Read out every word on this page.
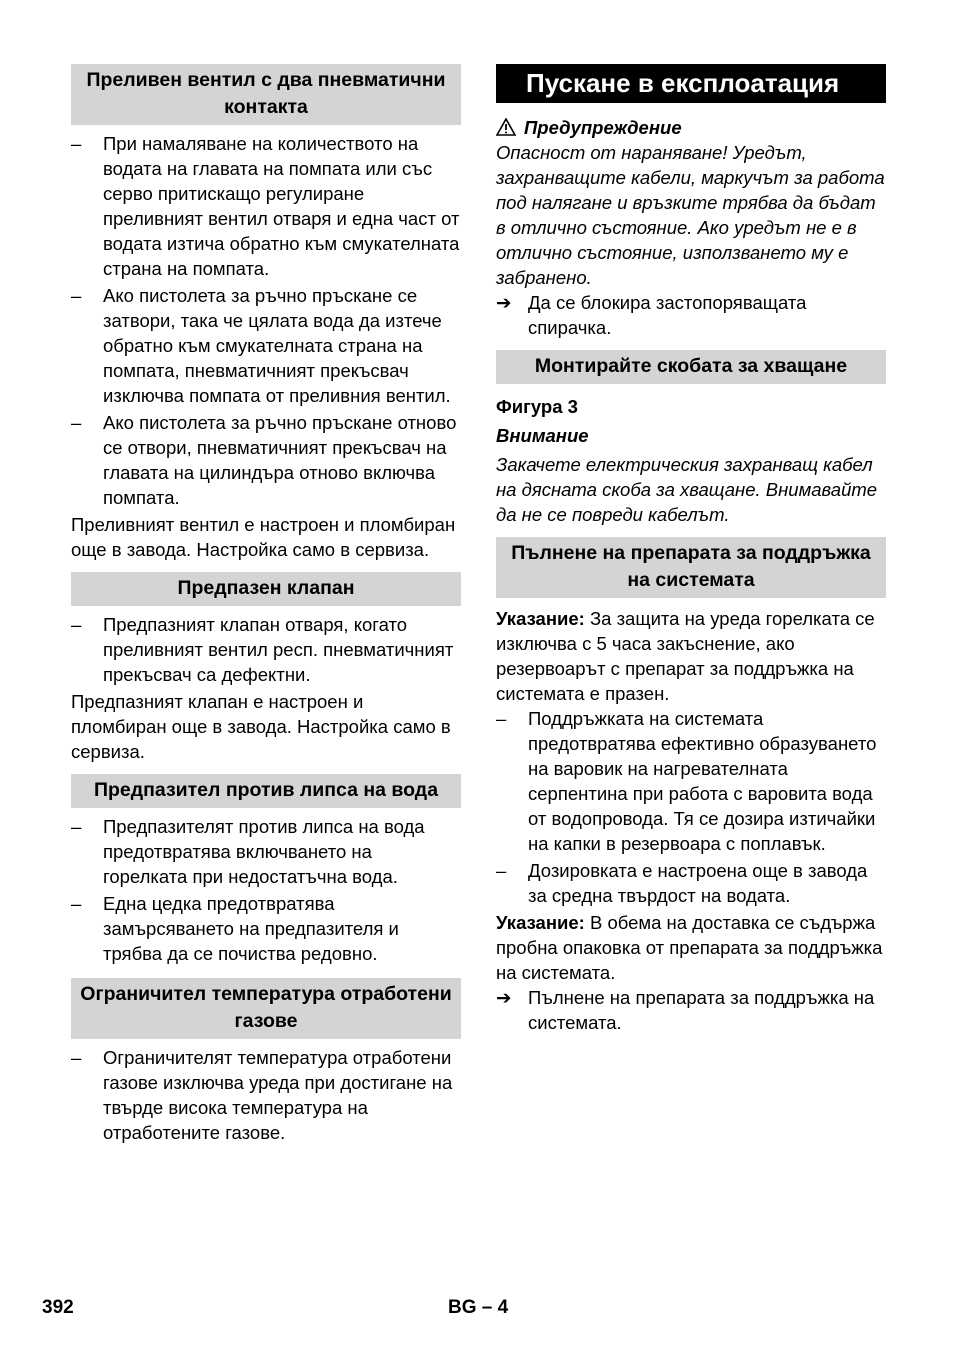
Преливен вентил с два пневматични контакта
– При намаляване на количеството на водата на главата на помпата или със серво притискащо регулиране преливният вентил отваря и една част от водата изтича обратно към смукателната страна на помпата.
– Ако пистолета за ръчно пръскане се затвори, така че цялата вода да изтече обратно към смукателната страна на помпата, пневматичният прекъсвач изключва помпата от преливния вентил.
– Ако пистолета за ръчно пръскане отново се отвори, пневматичният прекъсвач на главата на цилиндъра отново включва помпата.

Преливният вентил е настроен и пломбиран още в завода. Настройка само в сервиза.

Предпазен клапан
– Предпазният клапан отваря, когато преливният вентил респ. пневматичният прекъсвач са дефектни.

Предпазният клапан е настроен и пломбиран още в завода. Настройка само в сервиза.

Предпазител против липса на вода
– Предпазителят против липса на вода предотвратява включването на горелката при недостатъчна вода.
– Една цедка предотвратява замърсяването на предпазителя и трябва да се почиства редовно.
Ограничител температура отработени газове
– Ограничителят температура отработени газове изключва уреда при достигане на твърде висока температура на отработените газове.
Пускане в експлоатация
Предупреждение

Опасност от нараняване! Уредът, захранващите кабели, маркучът за работа под налягане и връзките трябва да бъдат в отлично състояние. Ако уредът не е в отлично състояние, използването му е забранено.

➔ Да се блокира застопоряващата спирачка.
Монтирайте скобата за хващане

Фигура 3

Внимание

Закачете електрическия захранващ кабел на дясната скоба за хващане. Внимавайте да не се повреди кабелът.

Пълнене на препарата за поддръжка на системата

Указание: За защита на уреда горелката се изключва с 5 часа закъснение, ако резервоарът с препарат за поддръжка на системата е празен.

– Поддръжката на системата предотвратява ефективно образуването на варовик на нагревателната серпентина при работа с варовита вода от водопровода. Тя се дозира изтичайки на капки в резервоара с поплавък.
– Дозировката е настроена още в завода за средна твърдост на водата.

Указание: В обема на доставка се съдържа пробна опаковка от препарата за поддръжка на системата.

➔ Пълнене на препарата за поддръжка на системата.
392	BG – 4
